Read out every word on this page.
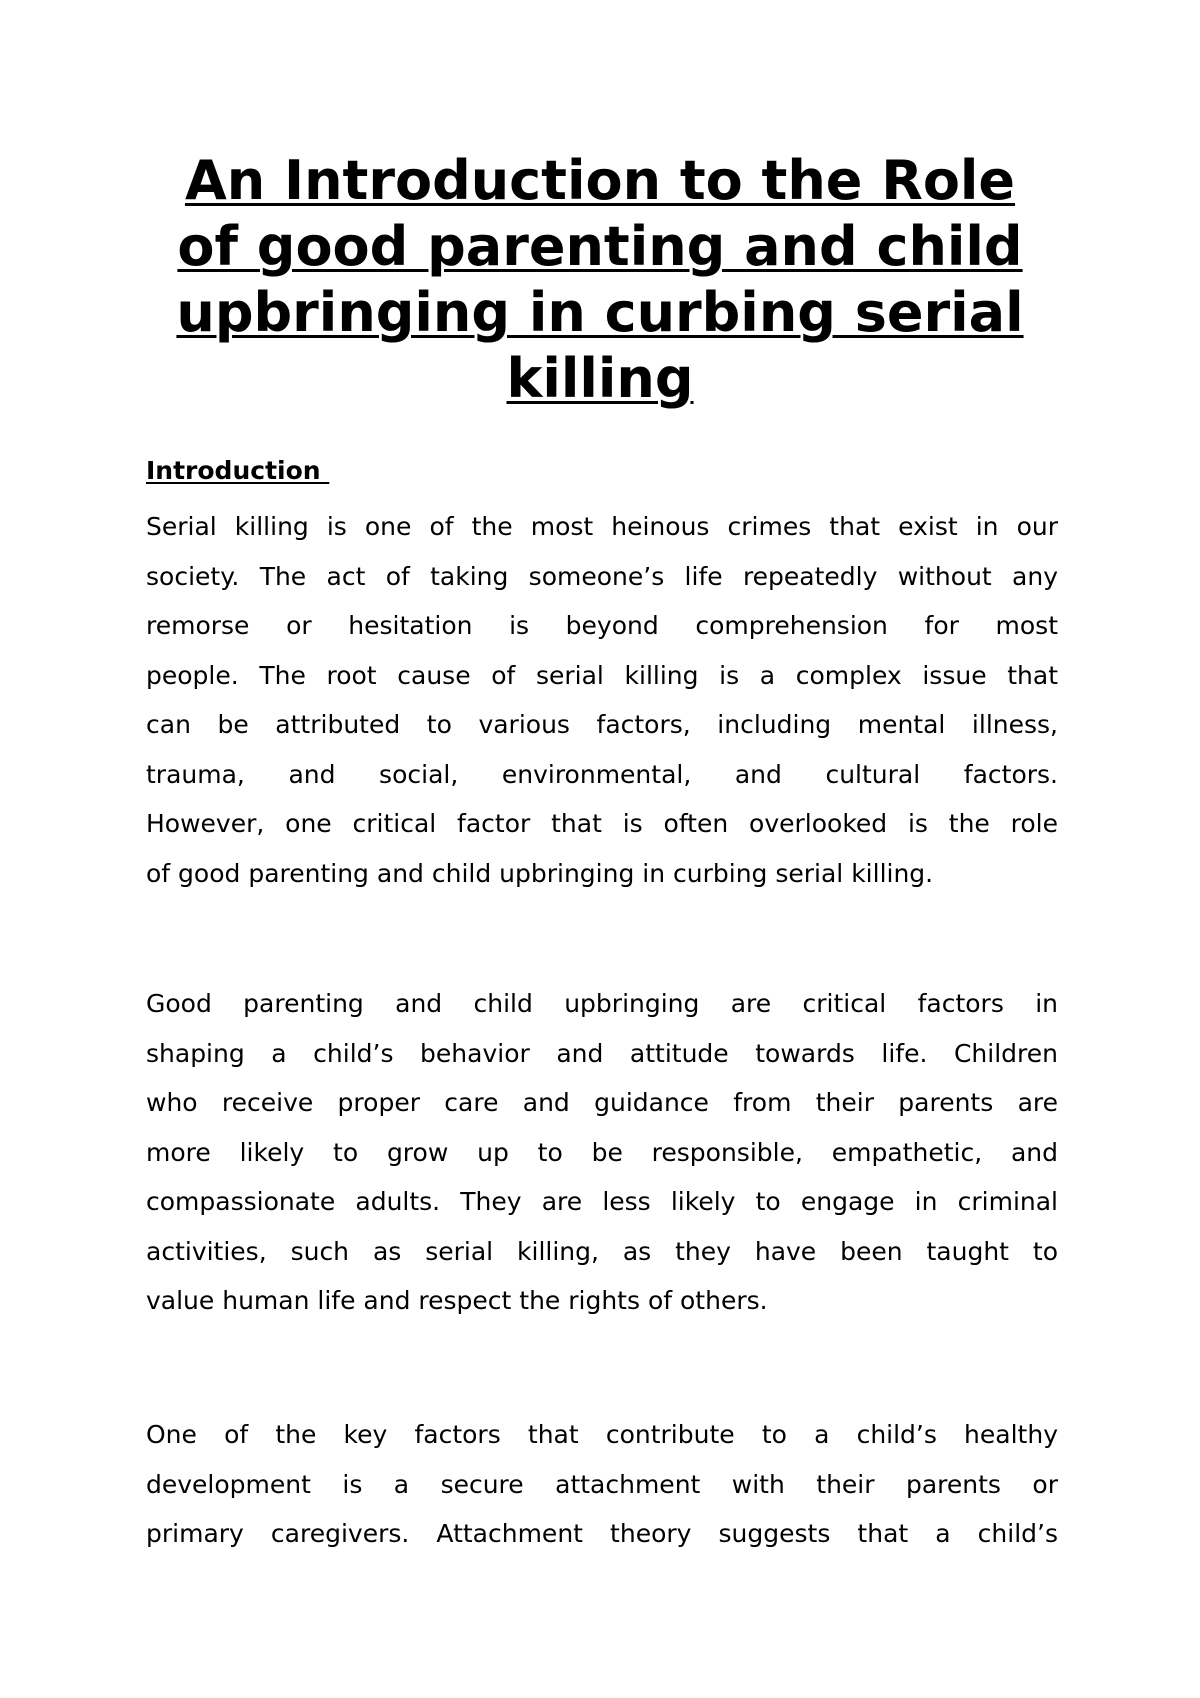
An Introduction to the Role
of good parenting and child
upbringing in curbing serial
killing
Introduction
Serial killing is one of the most heinous crimes that exist in our
society. The act of taking someone’s life repeatedly without any
remorse or hesitation is beyond comprehension for most
people. The root cause of serial killing is a complex issue that
can be attributed to various factors, including mental illness,
trauma, and social, environmental, and cultural factors.
However, one critical factor that is often overlooked is the role
of good parenting and child upbringing in curbing serial killing.
Good parenting and child upbringing are critical factors in
shaping a child’s behavior and attitude towards life. Children
who receive proper care and guidance from their parents are
more likely to grow up to be responsible, empathetic, and
compassionate adults. They are less likely to engage in criminal
activities, such as serial killing, as they have been taught to
value human life and respect the rights of others.
One of the key factors that contribute to a child’s healthy
development is a secure attachment with their parents or
primary caregivers. Attachment theory suggests that a child’s
